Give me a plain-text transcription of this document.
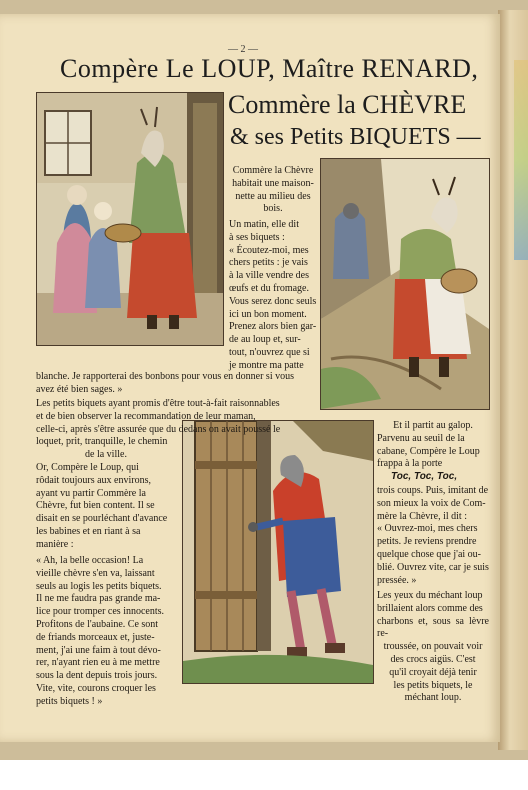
— 2 —
Compère Le LOUP, Maître RENARD,
Commère la CHÈVRE
& ses Petits BIQUETS —
Commère la Chèvre
habitait une maison-
nette au milieu des
bois.
Un matin, elle dit
à ses biquets :
« Écoutez-moi, mes
chers petits : je vais
à la ville vendre des
œufs et du fromage.
Vous serez donc seuls
ici un bon moment.
Prenez alors bien gar-
de au loup et, sur-
tout, n'ouvrez que si
je montre ma patte
blanche. Je rapporterai des bonbons pour vous en donner si vous
avez été bien sages. »
Les petits biquets ayant promis d'être tout-à-fait raisonnables
et de bien observer la recommandation de leur maman,
celle-ci, après s'être assurée que du dedans on avait poussé le
loquet, prit, tranquille, le chemin
de la ville.
Or, Compère le Loup, qui
rôdait toujours aux environs,
ayant vu partir Commère la
Chèvre, fut bien content. Il se
disait en se pourléchant d'avance
les babines et en riant à sa
manière :
« Ah, la belle occasion! La
vieille chèvre s'en va, laissant
seuls au logis les petits biquets.
Il ne me faudra pas grande ma-
lice pour tromper ces innocents.
Profitons de l'aubaine. Ce sont
de friands morceaux et, juste-
ment, j'ai une faim à tout dévo-
rer, n'ayant rien eu à me mettre
sous la dent depuis trois jours.
Vite, vite, courons croquer les
petits biquets ! »
Et il partit au galop.
Parvenu au seuil de la
cabane, Compère le Loup
frappa à la porte
Toc, Toc, Toc,
trois coups. Puis, imitant de
son mieux la voix de Com-
mère la Chèvre, il dit :
« Ouvrez-moi, mes chers
petits. Je reviens prendre
quelque chose que j'ai ou-
blié. Ouvrez vite, car je suis
pressée. »
Les yeux du méchant loup
brillaient alors comme des
charbons et, sous sa lèvre re-
troussée, on pouvait voir
des crocs aigüs. C'est
qu'il croyait déjà tenir
les petits biquets, le
méchant loup.
